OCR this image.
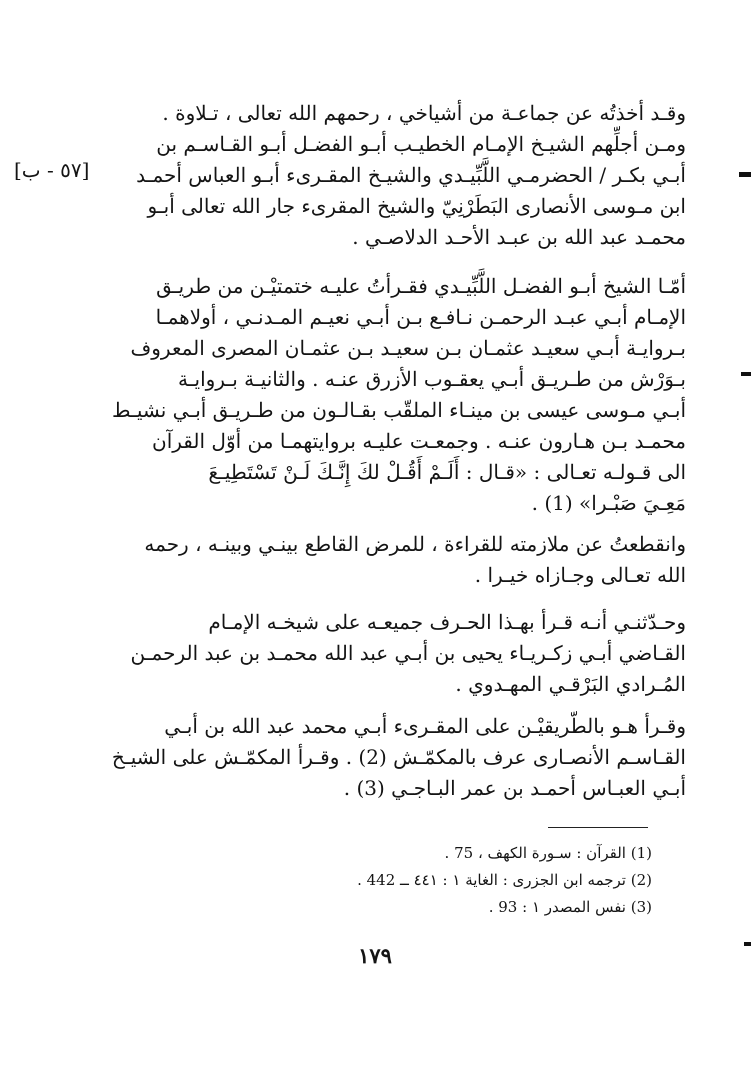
[٥٧ - ب]
وقـد أخذتُه عن جماعـة من أشياخي ، رحمهم الله تعالى ، تـلاوة .
ومـن أجلِّهم الشيـخ الإمـام الخطيـب أبـو الفضـل أبـو القـاسـم بن
أبـي بكـر / الحضرمـي اللَّبِّيـدي والشيـخ المقـرىء أبـو العباس أحمـد
ابن مـوسى الأنصارى البَطَرْنِيّ والشيخ المقرىء جار الله تعالى أبـو
محمـد عبد الله بن عبـد الأحـد الدلاصـي .
أمّـا الشيخ أبـو الفضـل اللَّبِّيـدي فقـرأتُ عليـه ختمتيْـن من طريـق
الإمـام أبـي عبـد الرحمـن نـافـع بـن أبـي نعيـم المـدنـي ، أولاهمـا
بـروايـة أبـي سعيـد عثمـان بـن سعيـد بـن عثمـان المصرى المعروف
بـوَرْش من طـريـق أبـي يعقـوب الأزرق عنـه . والثانيـة بـروايـة
أبـي مـوسى عيسى بن مينـاء الملقّب بقـالـون من طـريـق أبـي نشيـط
محمـد بـن هـارون عنـه . وجمعـت عليـه بروايتهمـا من أوّل القرآن
الى قـولـه تعـالى : «قـال : أَلَـمْ أَقُـلْ لكَ إِنَّـكَ لَـنْ تَسْتَطِيـعَ
مَعِـيَ صَبْـرا» (1) .
وانقطعتُ عن ملازمته للقراءة ، للمرض القاطع بينـي وبينـه ، رحمه
الله تعـالى وجـازاه خيـرا .
وحـدّثنـي أنـه قـرأ بهـذا الحـرف جميعـه على شيخـه الإمـام
القـاضي أبـي زكـريـاء يحيى بن أبـي عبد الله محمـد بن عبد الرحمـن
المُـرادي البَرْقـي المهـدوي .
وقـرأ هـو بالطّريقيْـن على المقـرىء أبـي محمد عبد الله بن أبـي
القـاسـم الأنصـارى عرف بالمكمّـش (2) . وقـرأ المكمّـش على الشيـخ
أبـي العبـاس أحمـد بن عمر البـاجـي (3) .
(1) القرآن : سـورة الكهف ، 75 .
(2) ترجمه ابن الجزرى : الغاية ١ : ٤٤١ ــ 442 .
(3) نفس المصدر ١ : 93 .
١٧٩
